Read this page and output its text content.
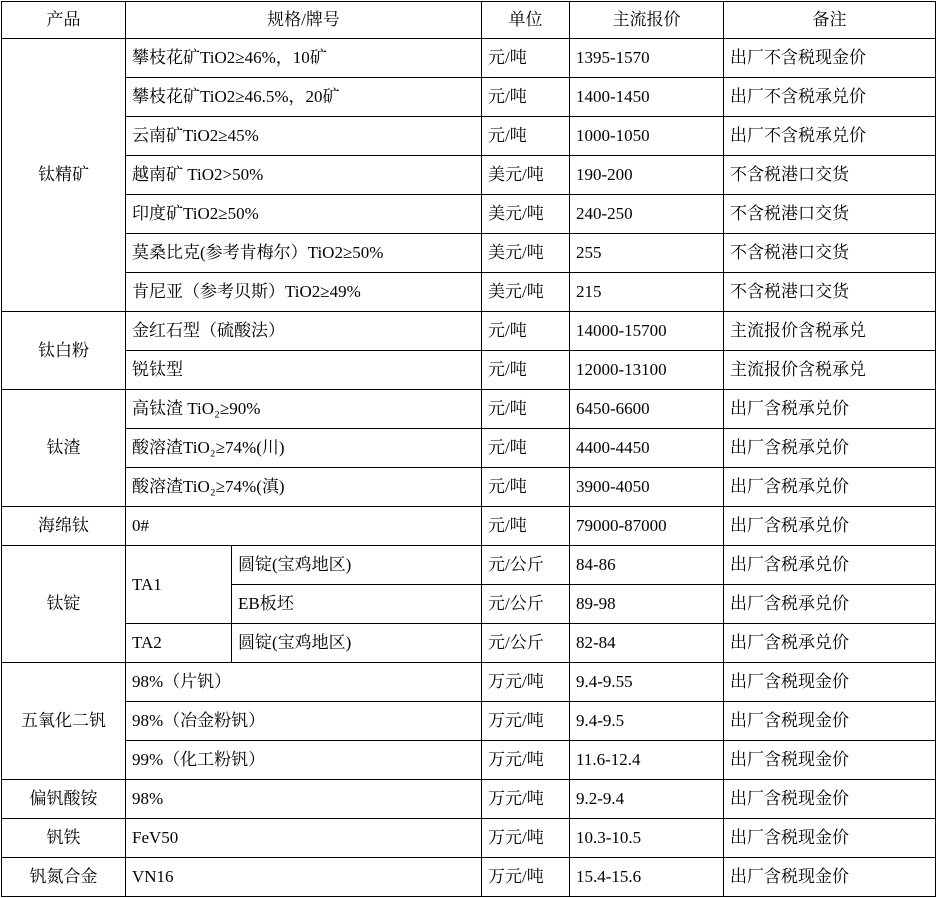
产品	规格/牌号		单位	主流报价	备注
钛精矿	攀枝花矿TiO2≥46%，10矿		元/吨	1395-1570	出厂不含税现金价
	攀枝花矿TiO2≥46.5%，20矿		元/吨	1400-1450	出厂不含税承兑价
	云南矿TiO2≥45%		元/吨	1000-1050	出厂不含税承兑价
	越南矿 TiO2>50%		美元/吨	190-200	不含税港口交货
	印度矿TiO2≥50%		美元/吨	240-250	不含税港口交货
	莫桑比克(参考肯梅尔）TiO2≥50%		美元/吨	255	不含税港口交货
	肯尼亚（参考贝斯）TiO2≥49%		美元/吨	215	不含税港口交货
钛白粉	金红石型（硫酸法）		元/吨	14000-15700	主流报价含税承兑
	锐钛型		元/吨	12000-13100	主流报价含税承兑
钛渣	高钛渣 TiO₂≥90%		元/吨	6450-6600	出厂含税承兑价
	酸溶渣TiO₂≥74%(川)		元/吨	4400-4450	出厂含税承兑价
	酸溶渣TiO₂≥74%(滇)		元/吨	3900-4050	出厂含税承兑价
海绵钛	0#		元/吨	79000-87000	出厂含税承兑价
钛锭	TA1	圆锭(宝鸡地区)	元/公斤	84-86	出厂含税承兑价
		EB板坯	元/公斤	89-98	出厂含税承兑价
	TA2	圆锭(宝鸡地区)	元/公斤	82-84	出厂含税承兑价
五氧化二钒	98%（片钒）		万元/吨	9.4-9.55	出厂含税现金价
	98%（冶金粉钒）		万元/吨	9.4-9.5	出厂含税现金价
	99%（化工粉钒）		万元/吨	11.6-12.4	出厂含税现金价
偏钒酸铵	98%		万元/吨	9.2-9.4	出厂含税现金价
钒铁	FeV50		万元/吨	10.3-10.5	出厂含税现金价
钒氮合金	VN16		万元/吨	15.4-15.6	出厂含税现金价
